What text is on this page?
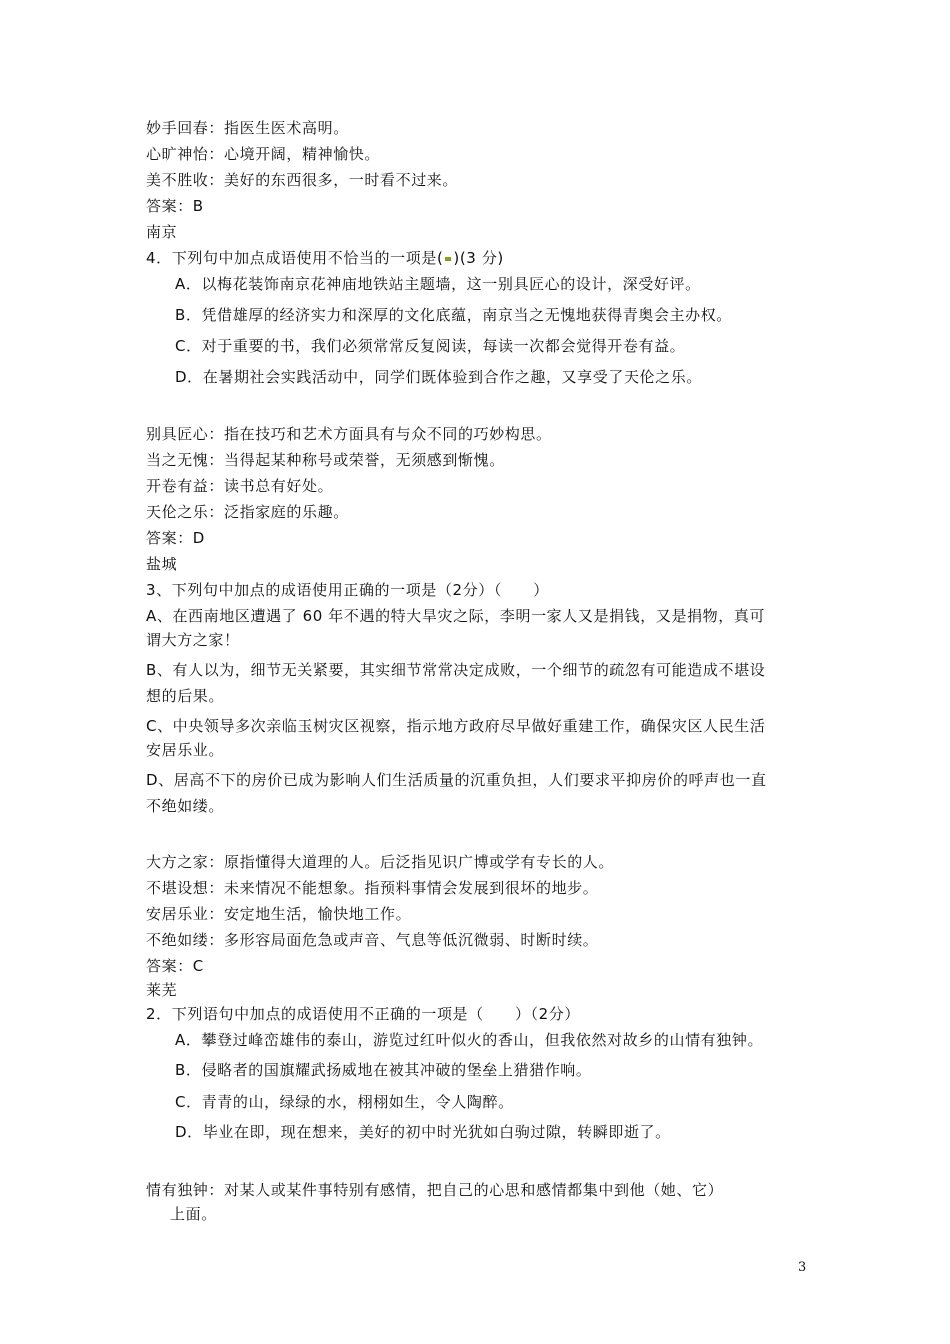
妙手回春：指医生医术高明。
心旷神怡：心境开阔，精神愉快。
美不胜收：美好的东西很多，一时看不过来。
答案：B
南京
4．下列句中加点成语使用不恰当的一项是( )(3 分)
A．以梅花装饰南京花神庙地铁站主题墙，这一别具匠心的设计，深受好评。
B．凭借雄厚的经济实力和深厚的文化底蕴，南京当之无愧地获得青奥会主办权。
C．对于重要的书，我们必须常常反复阅读，每读一次都会觉得开卷有益。
D．在暑期社会实践活动中，同学们既体验到合作之趣，又享受了天伦之乐。
别具匠心：指在技巧和艺术方面具有与众不同的巧妙构思。
当之无愧：当得起某种称号或荣誉，无须感到惭愧。
开卷有益：读书总有好处。
天伦之乐：泛指家庭的乐趣。
答案：D
盐城
3、下列句中加点的成语使用正确的一项是（2分）（　　）
A、在西南地区遭遇了 60 年不遇的特大旱灾之际，李明一家人又是捐钱，又是捐物，真可
谓大方之家！
B、有人以为，细节无关紧要，其实细节常常决定成败，一个细节的疏忽有可能造成不堪设
想的后果。
C、中央领导多次亲临玉树灾区视察，指示地方政府尽早做好重建工作，确保灾区人民生活
安居乐业。
D、居高不下的房价已成为影响人们生活质量的沉重负担，人们要求平抑房价的呼声也一直
不绝如缕。
大方之家：原指懂得大道理的人。后泛指见识广博或学有专长的人。
不堪设想：未来情况不能想象。指预料事情会发展到很坏的地步。
安居乐业：安定地生活，愉快地工作。
不绝如缕：多形容局面危急或声音、气息等低沉微弱、时断时续。
答案：C
莱芜
2．下列语句中加点的成语使用不正确的一项是（　　）（2分）
A．攀登过峰峦雄伟的泰山，游览过红叶似火的香山，但我依然对故乡的山情有独钟。
B．侵略者的国旗耀武扬威地在被其冲破的堡垒上猎猎作响。
C．青青的山，绿绿的水，栩栩如生，令人陶醉。
D．毕业在即，现在想来，美好的初中时光犹如白驹过隙，转瞬即逝了。
情有独钟：对某人或某件事特别有感情，把自己的心思和感情都集中到他（她、它）
上面。
3
